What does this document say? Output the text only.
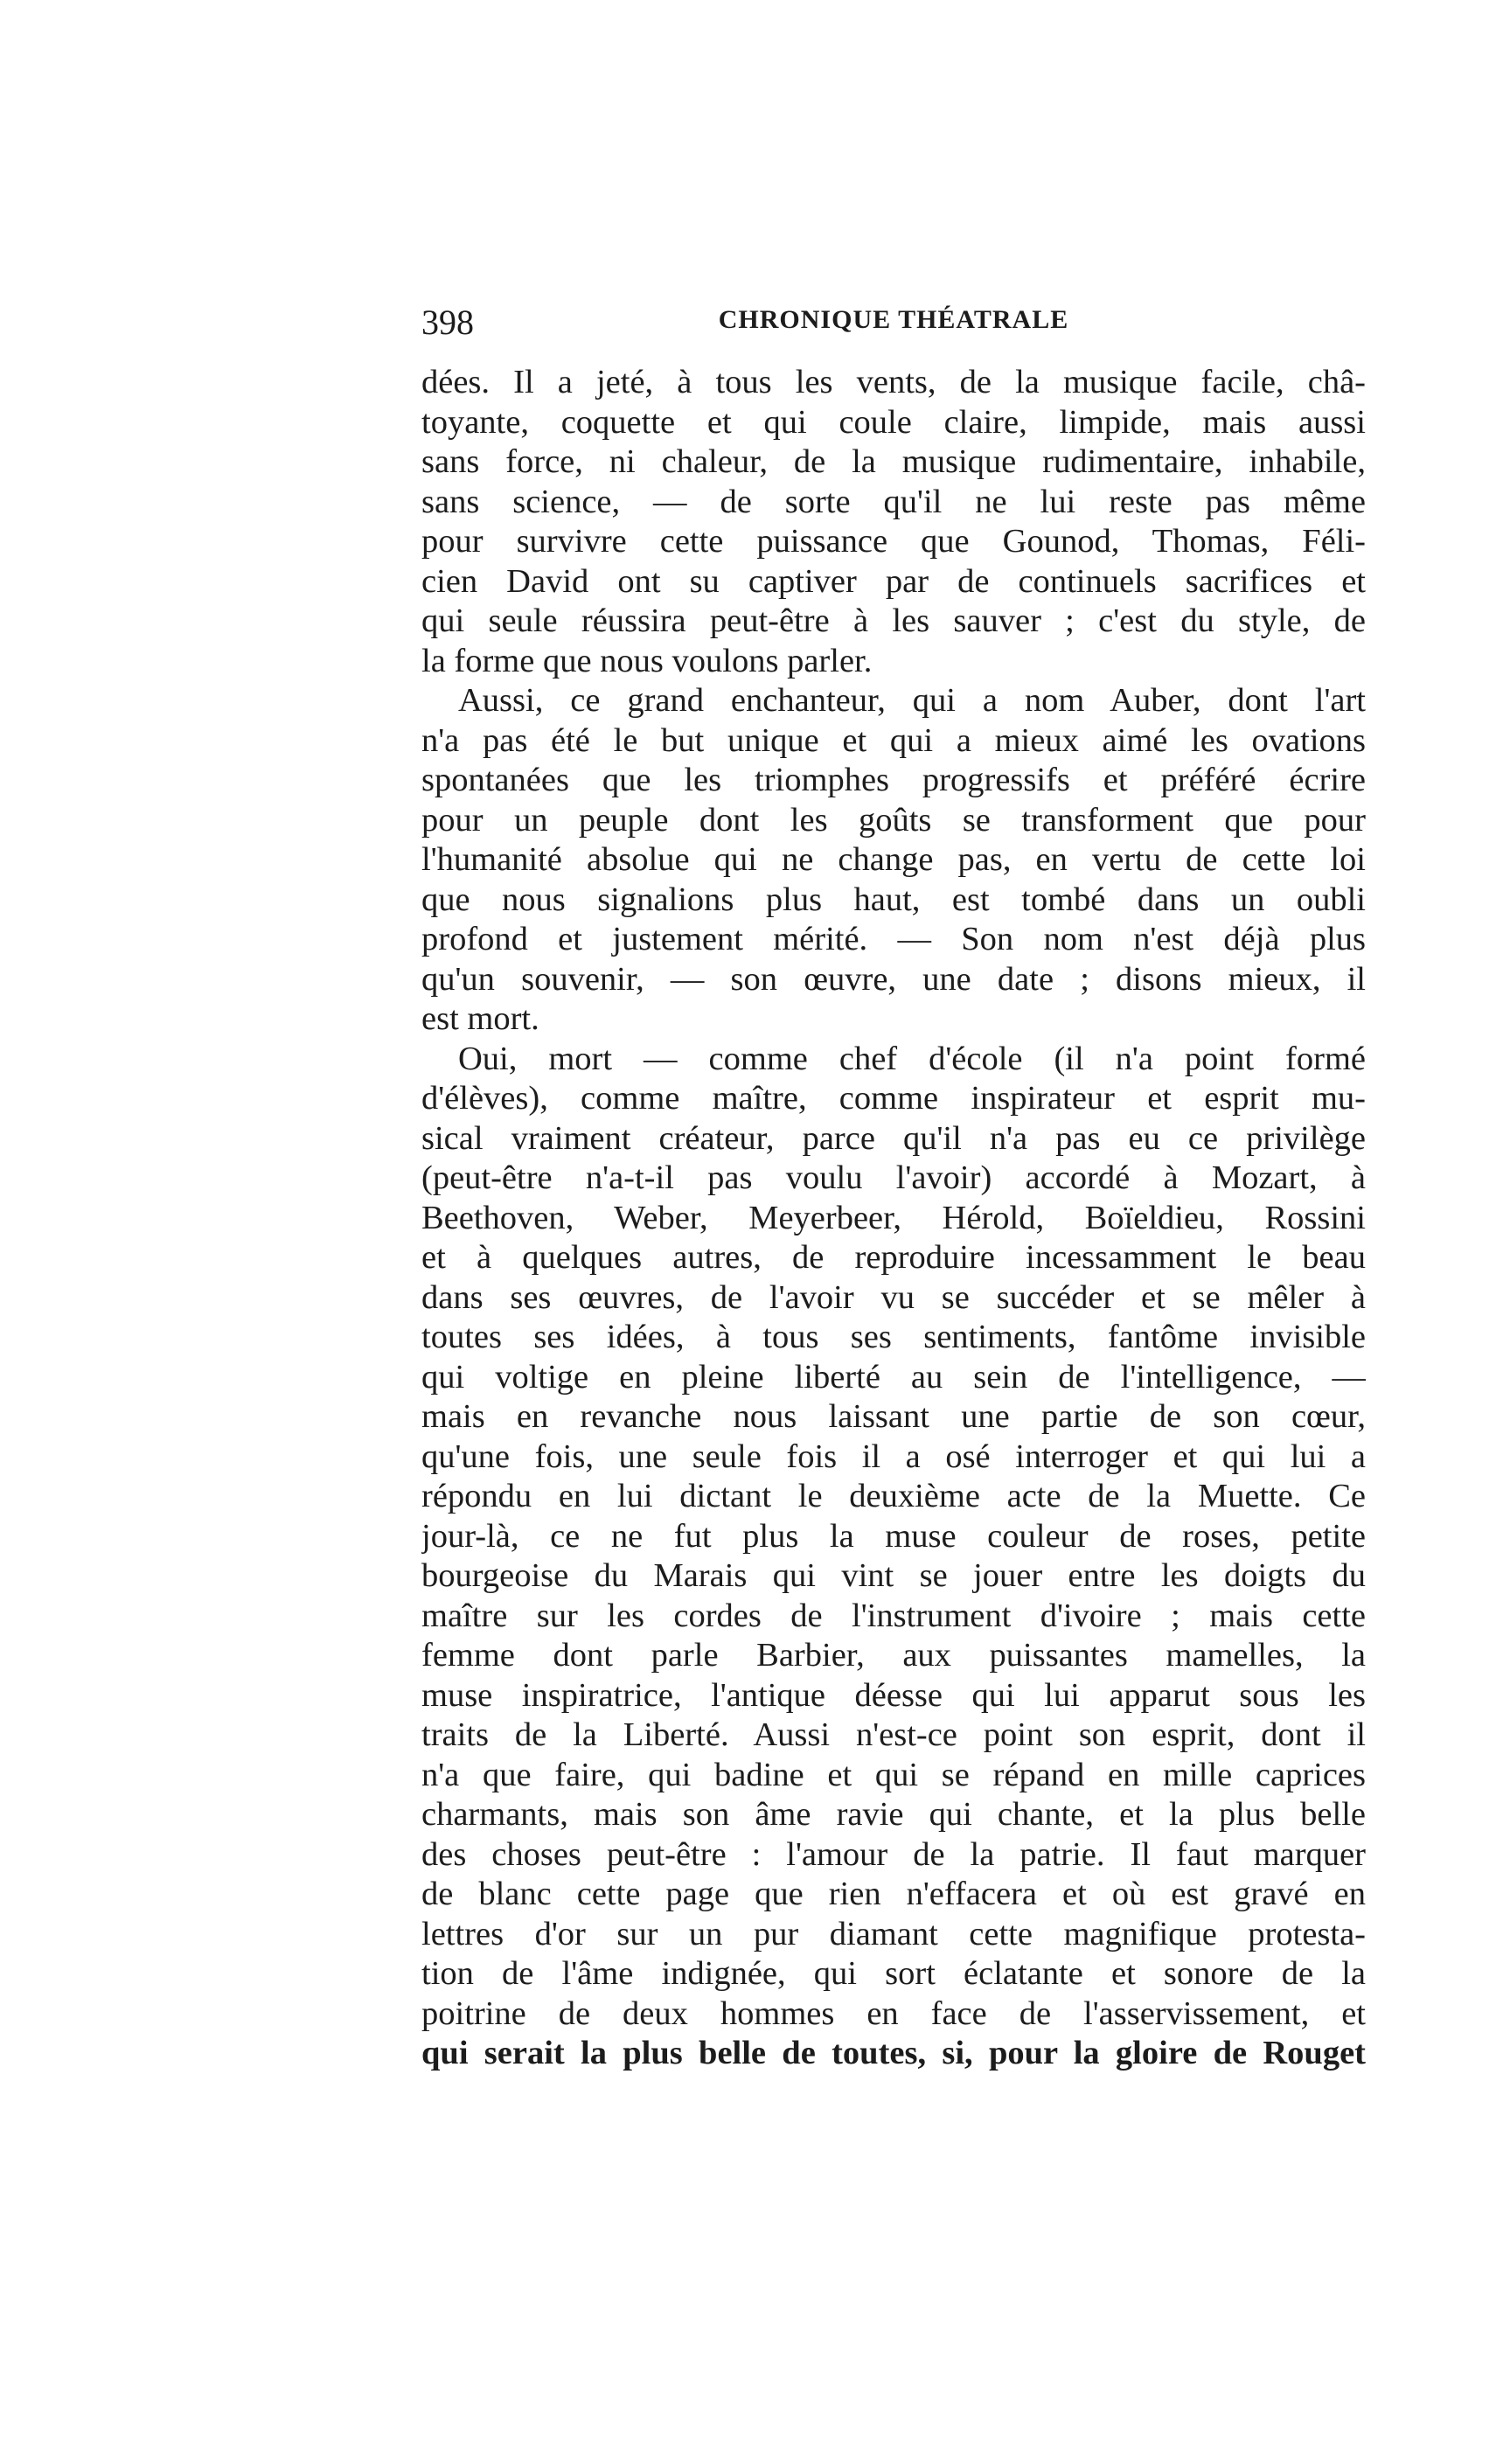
398	CHRONIQUE THÉATRALE
dées. Il a jeté, à tous les vents, de la musique facile, châ-
toyante, coquette et qui coule claire, limpide, mais aussi
sans force, ni chaleur, de la musique rudimentaire, inhabile,
sans science, — de sorte qu'il ne lui reste pas même
pour survivre cette puissance que Gounod, Thomas, Féli-
cien David ont su captiver par de continuels sacrifices et
qui seule réussira peut-être à les sauver ; c'est du style, de
la forme que nous voulons parler.
Aussi, ce grand enchanteur, qui a nom Auber, dont l'art
n'a pas été le but unique et qui a mieux aimé les ovations
spontanées que les triomphes progressifs et préféré écrire
pour un peuple dont les goûts se transforment que pour
l'humanité absolue qui ne change pas, en vertu de cette loi
que nous signalions plus haut, est tombé dans un oubli
profond et justement mérité. — Son nom n'est déjà plus
qu'un souvenir, — son œuvre, une date ; disons mieux, il
est mort.
Oui, mort — comme chef d'école (il n'a point formé
d'élèves), comme maître, comme inspirateur et esprit mu-
sical vraiment créateur, parce qu'il n'a pas eu ce privilège
(peut-être n'a-t-il pas voulu l'avoir) accordé à Mozart, à
Beethoven, Weber, Meyerbeer, Hérold, Boïeldieu, Rossini
et à quelques autres, de reproduire incessamment le beau
dans ses œuvres, de l'avoir vu se succéder et se mêler à
toutes ses idées, à tous ses sentiments, fantôme invisible
qui voltige en pleine liberté au sein de l'intelligence, —
mais en revanche nous laissant une partie de son cœur,
qu'une fois, une seule fois il a osé interroger et qui lui a
répondu en lui dictant le deuxième acte de la Muette. Ce
jour-là, ce ne fut plus la muse couleur de roses, petite
bourgeoise du Marais qui vint se jouer entre les doigts du
maître sur les cordes de l'instrument d'ivoire ; mais cette
femme dont parle Barbier, aux puissantes mamelles, la
muse inspiratrice, l'antique déesse qui lui apparut sous les
traits de la Liberté. Aussi n'est-ce point son esprit, dont il
n'a que faire, qui badine et qui se répand en mille caprices
charmants, mais son âme ravie qui chante, et la plus belle
des choses peut-être : l'amour de la patrie. Il faut marquer
de blanc cette page que rien n'effacera et où est gravé en
lettres d'or sur un pur diamant cette magnifique protesta-
tion de l'âme indignée, qui sort éclatante et sonore de la
poitrine de deux hommes en face de l'asservissement, et
qui serait la plus belle de toutes, si, pour la gloire de Rouget
